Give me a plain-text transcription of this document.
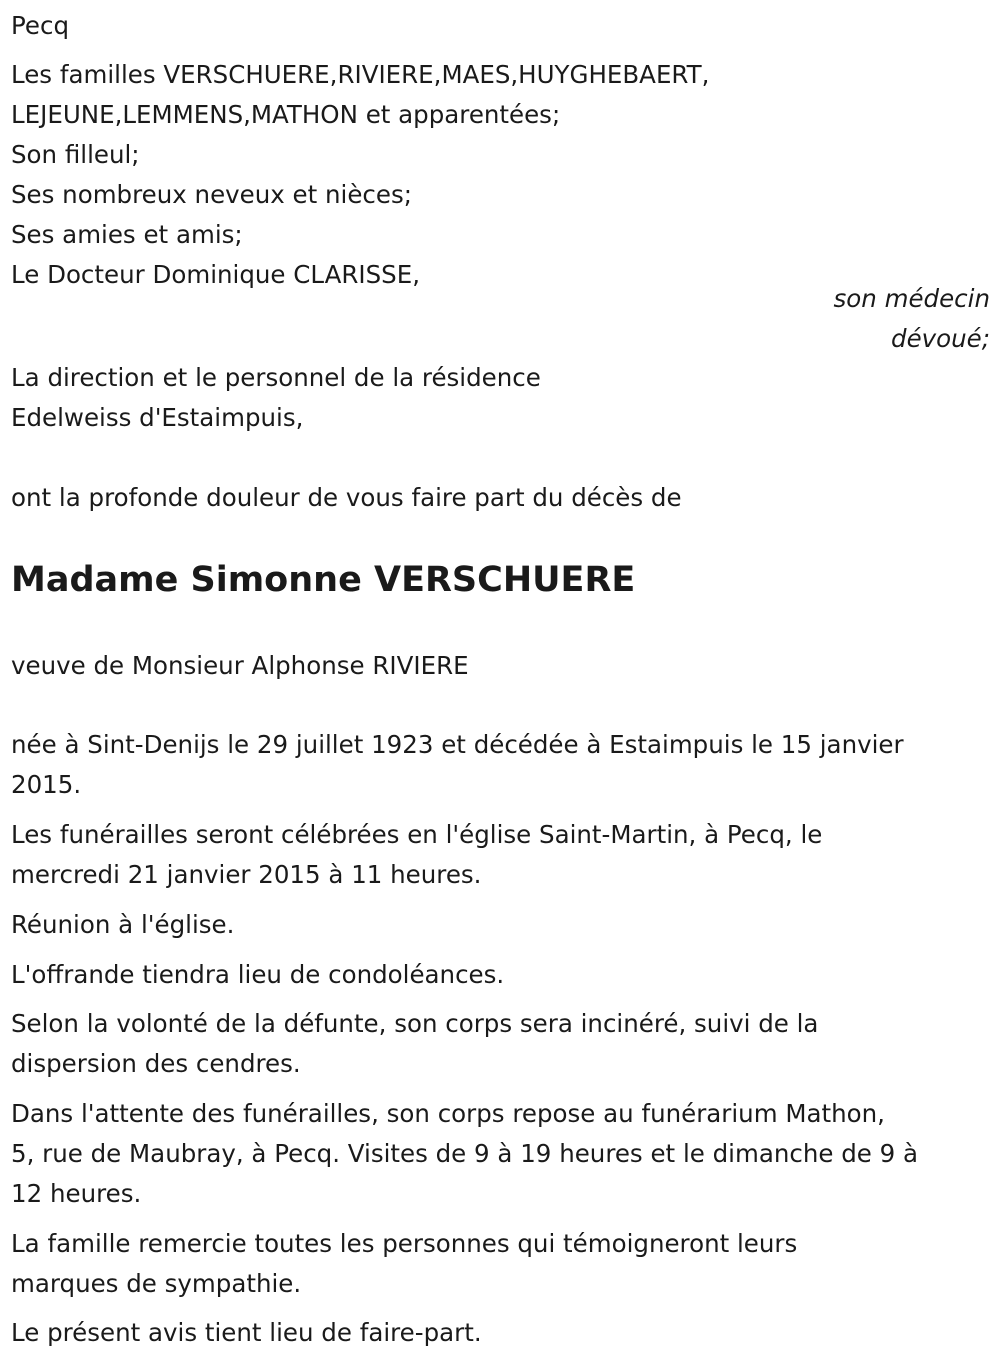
Pecq
Les familles VERSCHUERE,RIVIERE,MAES,HUYGHEBAERT,
LEJEUNE,LEMMENS,MATHON et apparentées;
Son filleul;
Ses nombreux neveux et nièces;
Ses amies et amis;
Le Docteur Dominique CLARISSE,
son médecin
dévoué;
La direction et le personnel de la résidence
Edelweiss d'Estaimpuis,
ont la profonde douleur de vous faire part du décès de
Madame Simonne VERSCHUERE
veuve de Monsieur Alphonse RIVIERE
née à Sint-Denijs le 29 juillet 1923 et décédée à Estaimpuis le 15 janvier
2015.
Les funérailles seront célébrées en l'église Saint-Martin, à Pecq, le
mercredi 21 janvier 2015 à 11 heures.
Réunion à l'église.
L'offrande tiendra lieu de condoléances.
Selon la volonté de la défunte, son corps sera incinéré, suivi de la
dispersion des cendres.
Dans l'attente des funérailles, son corps repose au funérarium Mathon,
5, rue de Maubray, à Pecq. Visites de 9 à 19 heures et le dimanche de 9 à
12 heures.
La famille remercie toutes les personnes qui témoigneront leurs
marques de sympathie.
Le présent avis tient lieu de faire-part.
